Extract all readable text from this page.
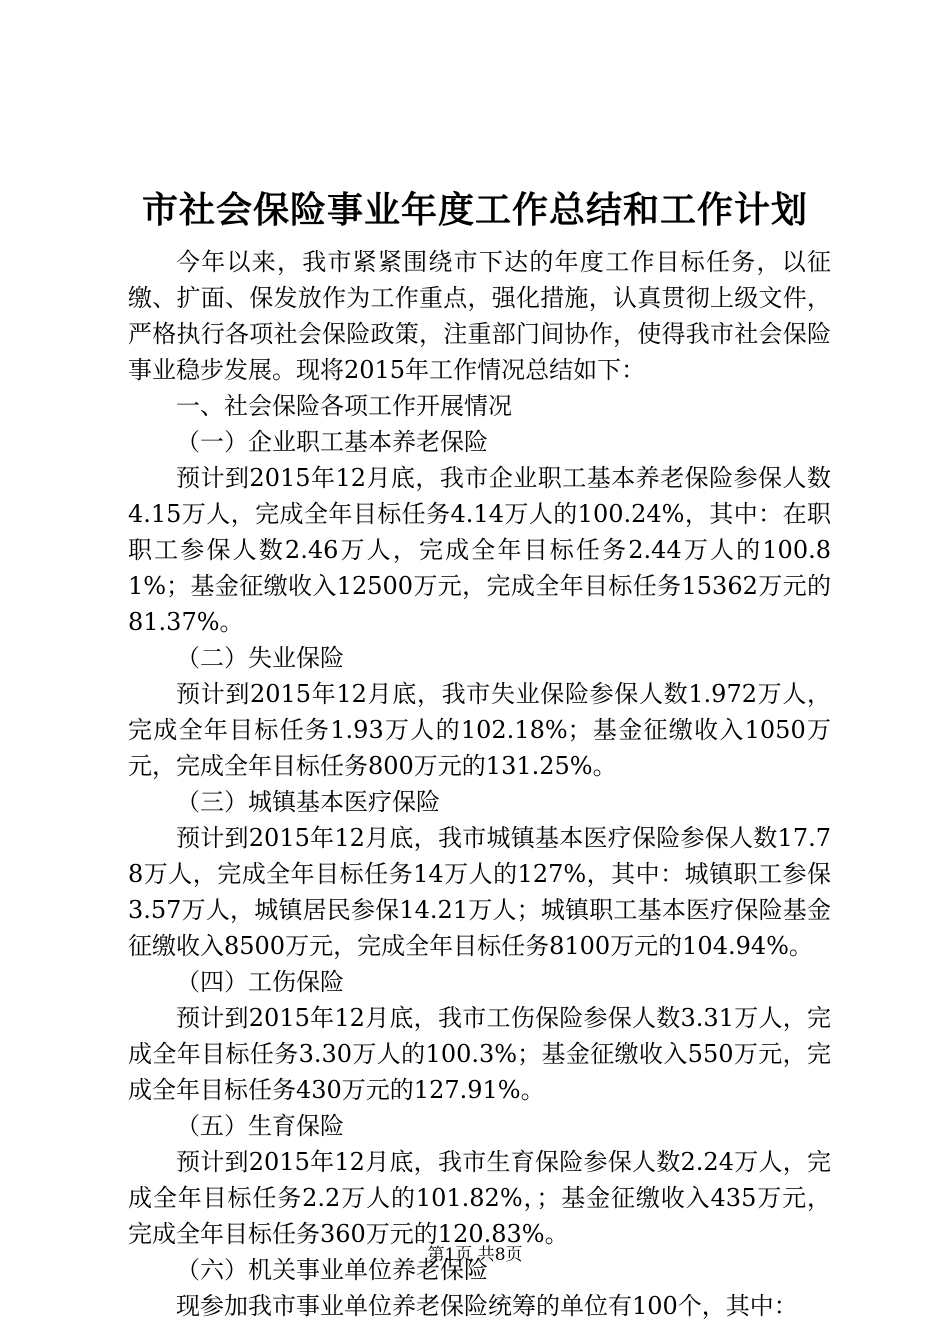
市社会保险事业年度工作总结和工作计划

今年以来，我市紧紧围绕市下达的年度工作目标任务，以征缴、扩面、保发放作为工作重点，强化措施，认真贯彻上级文件，严格执行各项社会保险政策，注重部门间协作，使得我市社会保险事业稳步发展。现将2015年工作情况总结如下：

一、社会保险各项工作开展情况

（一）企业职工基本养老保险

预计到2015年12月底，我市企业职工基本养老保险参保人数4.15万人，完成全年目标任务4.14万人的100.24%，其中：在职职工参保人数2.46万人，完成全年目标任务2.44万人的100.81%；基金征缴收入12500万元，完成全年目标任务15362万元的81.37%。

（二）失业保险

预计到2015年12月底，我市失业保险参保人数1.972万人，完成全年目标任务1.93万人的102.18%；基金征缴收入1050万元，完成全年目标任务800万元的131.25%。

（三）城镇基本医疗保险

预计到2015年12月底，我市城镇基本医疗保险参保人数17.78万人，完成全年目标任务14万人的127%，其中：城镇职工参保3.57万人，城镇居民参保14.21万人；城镇职工基本医疗保险基金征缴收入8500万元，完成全年目标任务8100万元的104.94%。

（四）工伤保险

预计到2015年12月底，我市工伤保险参保人数3.31万人，完成全年目标任务3.30万人的100.3%；基金征缴收入550万元，完成全年目标任务430万元的127.91%。

（五）生育保险

预计到2015年12月底，我市生育保险参保人数2.24万人，完成全年目标任务2.2万人的101.82%，；基金征缴收入435万元，完成全年目标任务360万元的120.83%。

（六）机关事业单位养老保险

现参加我市事业单位养老保险统筹的单位有100个，其中：

第1页 共8页
